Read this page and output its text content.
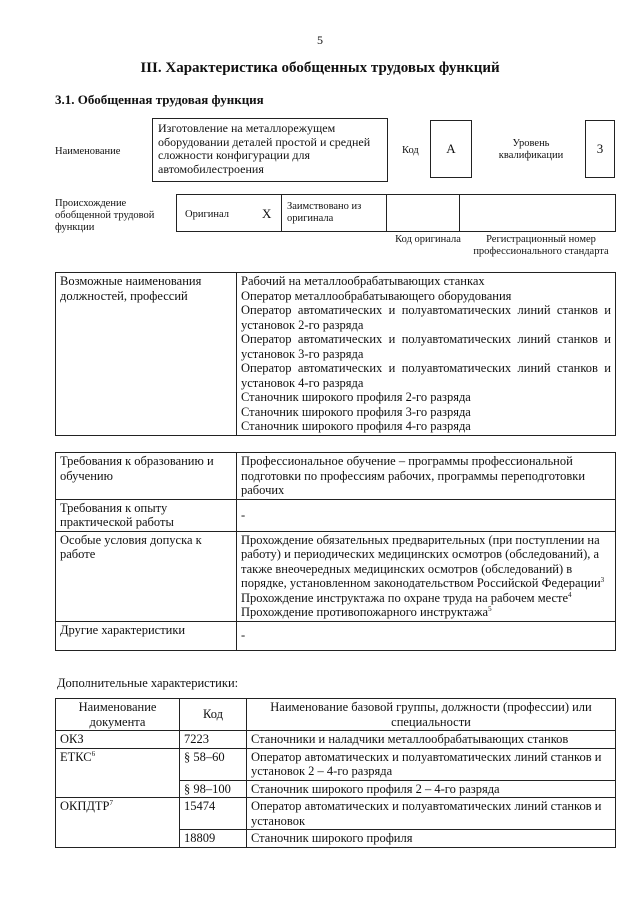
5
III. Характеристика обобщенных трудовых функций
3.1. Обобщенная трудовая функция
Наименование
Изготовление на металлорежущем оборудовании деталей простой и средней сложности конфигурации для автомобилестроения
Код А	Уровень квалификации	3
Происхождение обобщенной трудовой функции
Оригинал	Х Заимствовано из оригинала
Код оригинала	Регистрационный номер профессионального стандарта
Возможные наименования должностей, профессий	
Рабочий на металлообрабатывающих станках
Оператор металлообрабатывающего оборудования
Оператор автоматических и полуавтоматических линий станков и установок 2-го разряда
Оператор автоматических и полуавтоматических линий станков и установок 3-го разряда
Оператор автоматических и полуавтоматических линий станков и установок 4-го разряда
Станочник широкого профиля 2-го разряда
Станочник широкого профиля 3-го разряда
Станочник широкого профиля 4-го разряда
Требования к образованию и обучению	Профессиональное обучение – программы профессиональной подготовки по профессиям рабочих, программы переподготовки рабочих
Требования к опыту практической работы	-
Особые условия допуска к работе	Прохождение обязательных предварительных (при поступлении на работу) и периодических медицинских осмотров (обследований), а также внеочередных медицинских осмотров (обследований) в порядке, установленном законодательством Российской Федерации$^3$
Прохождение инструктажа по охране труда на рабочем месте$^4$
Прохождение противопожарного инструктажа$^5$

Другие характеристики	-
Дополнительные характеристики:
Наименование документа	Код	Наименование базовой группы, должности (профессии) или специальности
ОКЗ	7223	Станочники и наладчики металлообрабатывающих станков
ЕТКС$^6$	§ 58–60	Оператор автоматических и полуавтоматических линий станков и установок 2 – 4-го разряда
	§ 98–100	Станочник широкого профиля 2 – 4-го разряда
ОКПДТР$^7$	15474	Оператор автоматических и полуавтоматических линий станков и установок
	18809	Станочник широкого профиля
